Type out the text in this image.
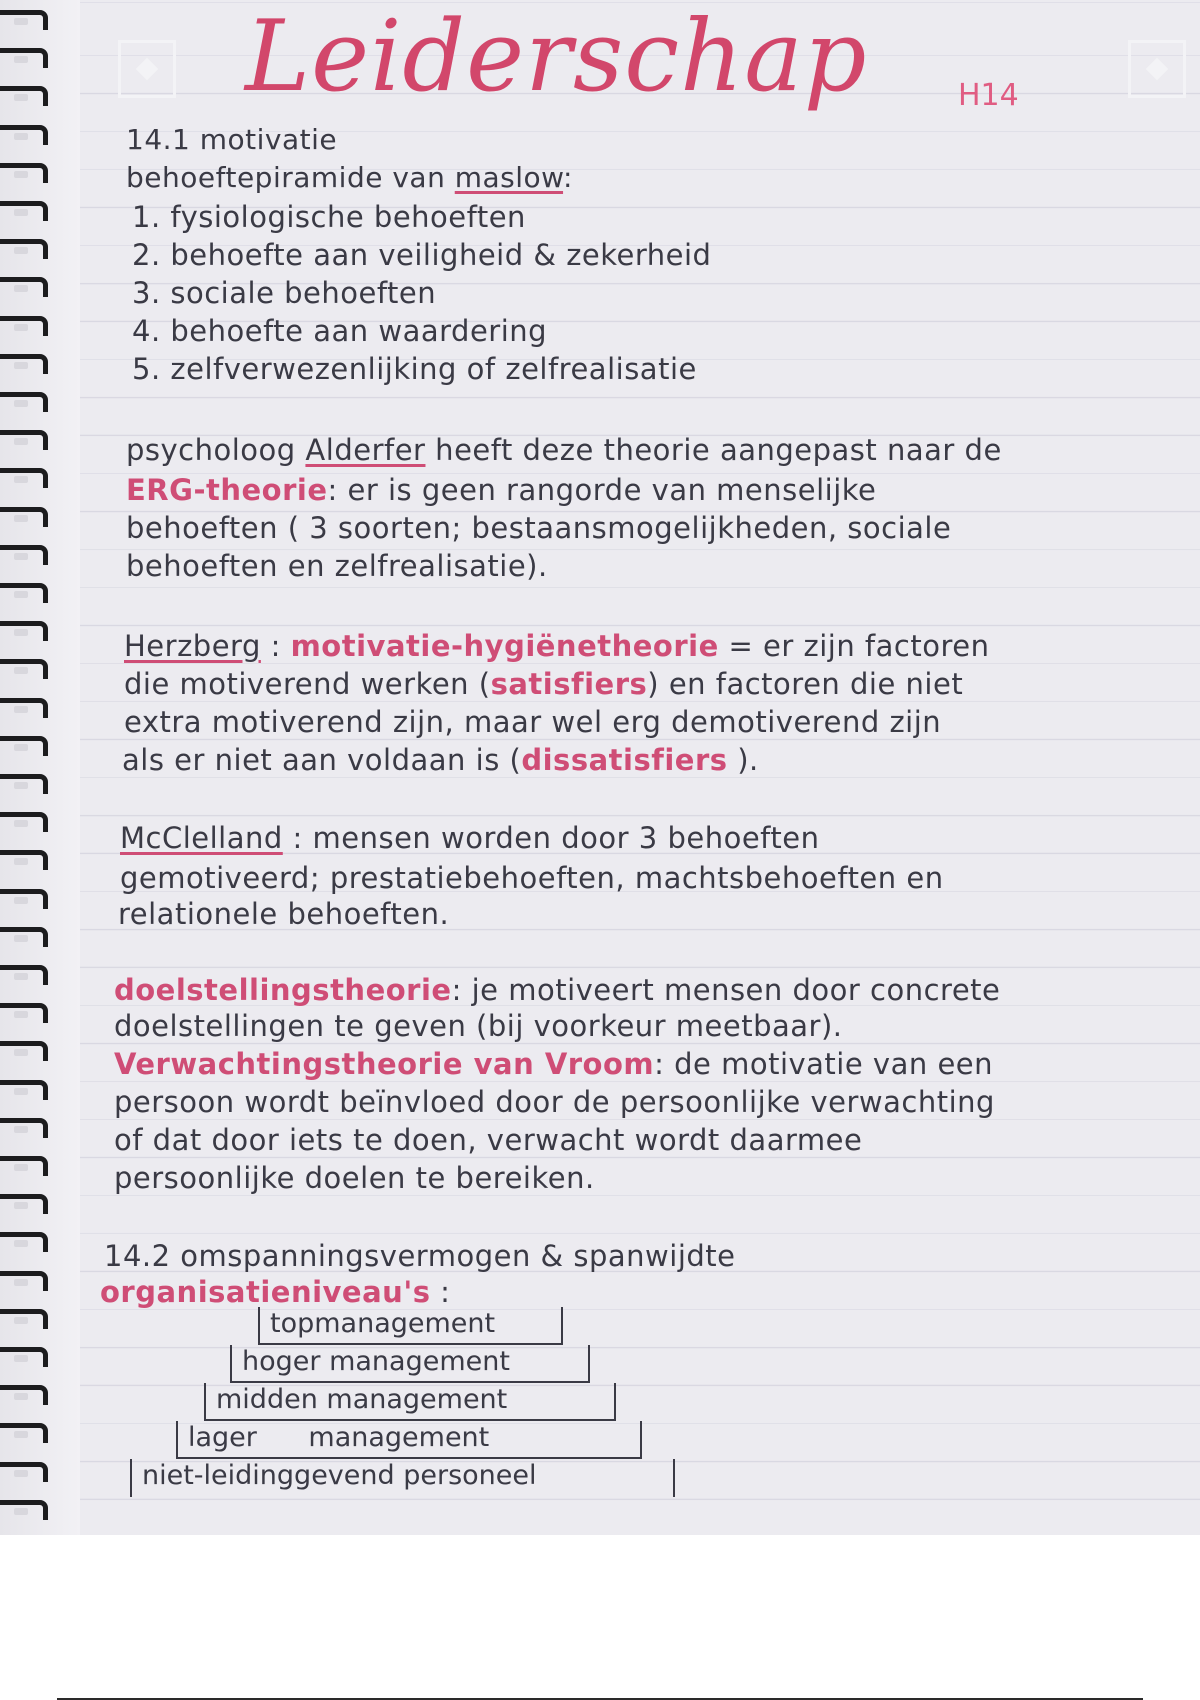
Leiderschap	H14

14.1 motivatie

behoeftepiramide van maslow:

1. fysiologische behoeften
2. behoefte aan veiligheid & zekerheid
3. sociale behoeften
4. behoefte aan waardering
5. zelfverwezenlijking of zelfrealisatie

psycholoog Alderfer heeft deze theorie aangepast naar de

ERG-theorie: er is geen rangorde van menselijke

behoeften ( 3 soorten; bestaansmogelijkheden, sociale

behoeften en zelfrealisatie).

Herzberg : motivatie-hygiënetheorie = er zijn factoren

die motiverend werken (satisfiers) en factoren die niet

extra motiverend zijn, maar wel erg demotiverend zijn

als er niet aan voldaan is (dissatisfiers ).

McClelland : mensen worden door 3 behoeften

gemotiveerd; prestatiebehoeften, machtsbehoeften en

relationele behoeften.

doelstellingstheorie: je motiveert mensen door concrete

doelstellingen te geven (bij voorkeur meetbaar).

Verwachtingstheorie van Vroom: de motivatie van een

persoon wordt beïnvloed door de persoonlijke verwachting

of dat door iets te doen, verwacht wordt daarmee

persoonlijke doelen te bereiken.

14.2 omspanningsvermogen & spanwijdte

organisatieniveau's :

topmanagement
hoger management
midden management
lager      management
niet-leidinggevend personeel
